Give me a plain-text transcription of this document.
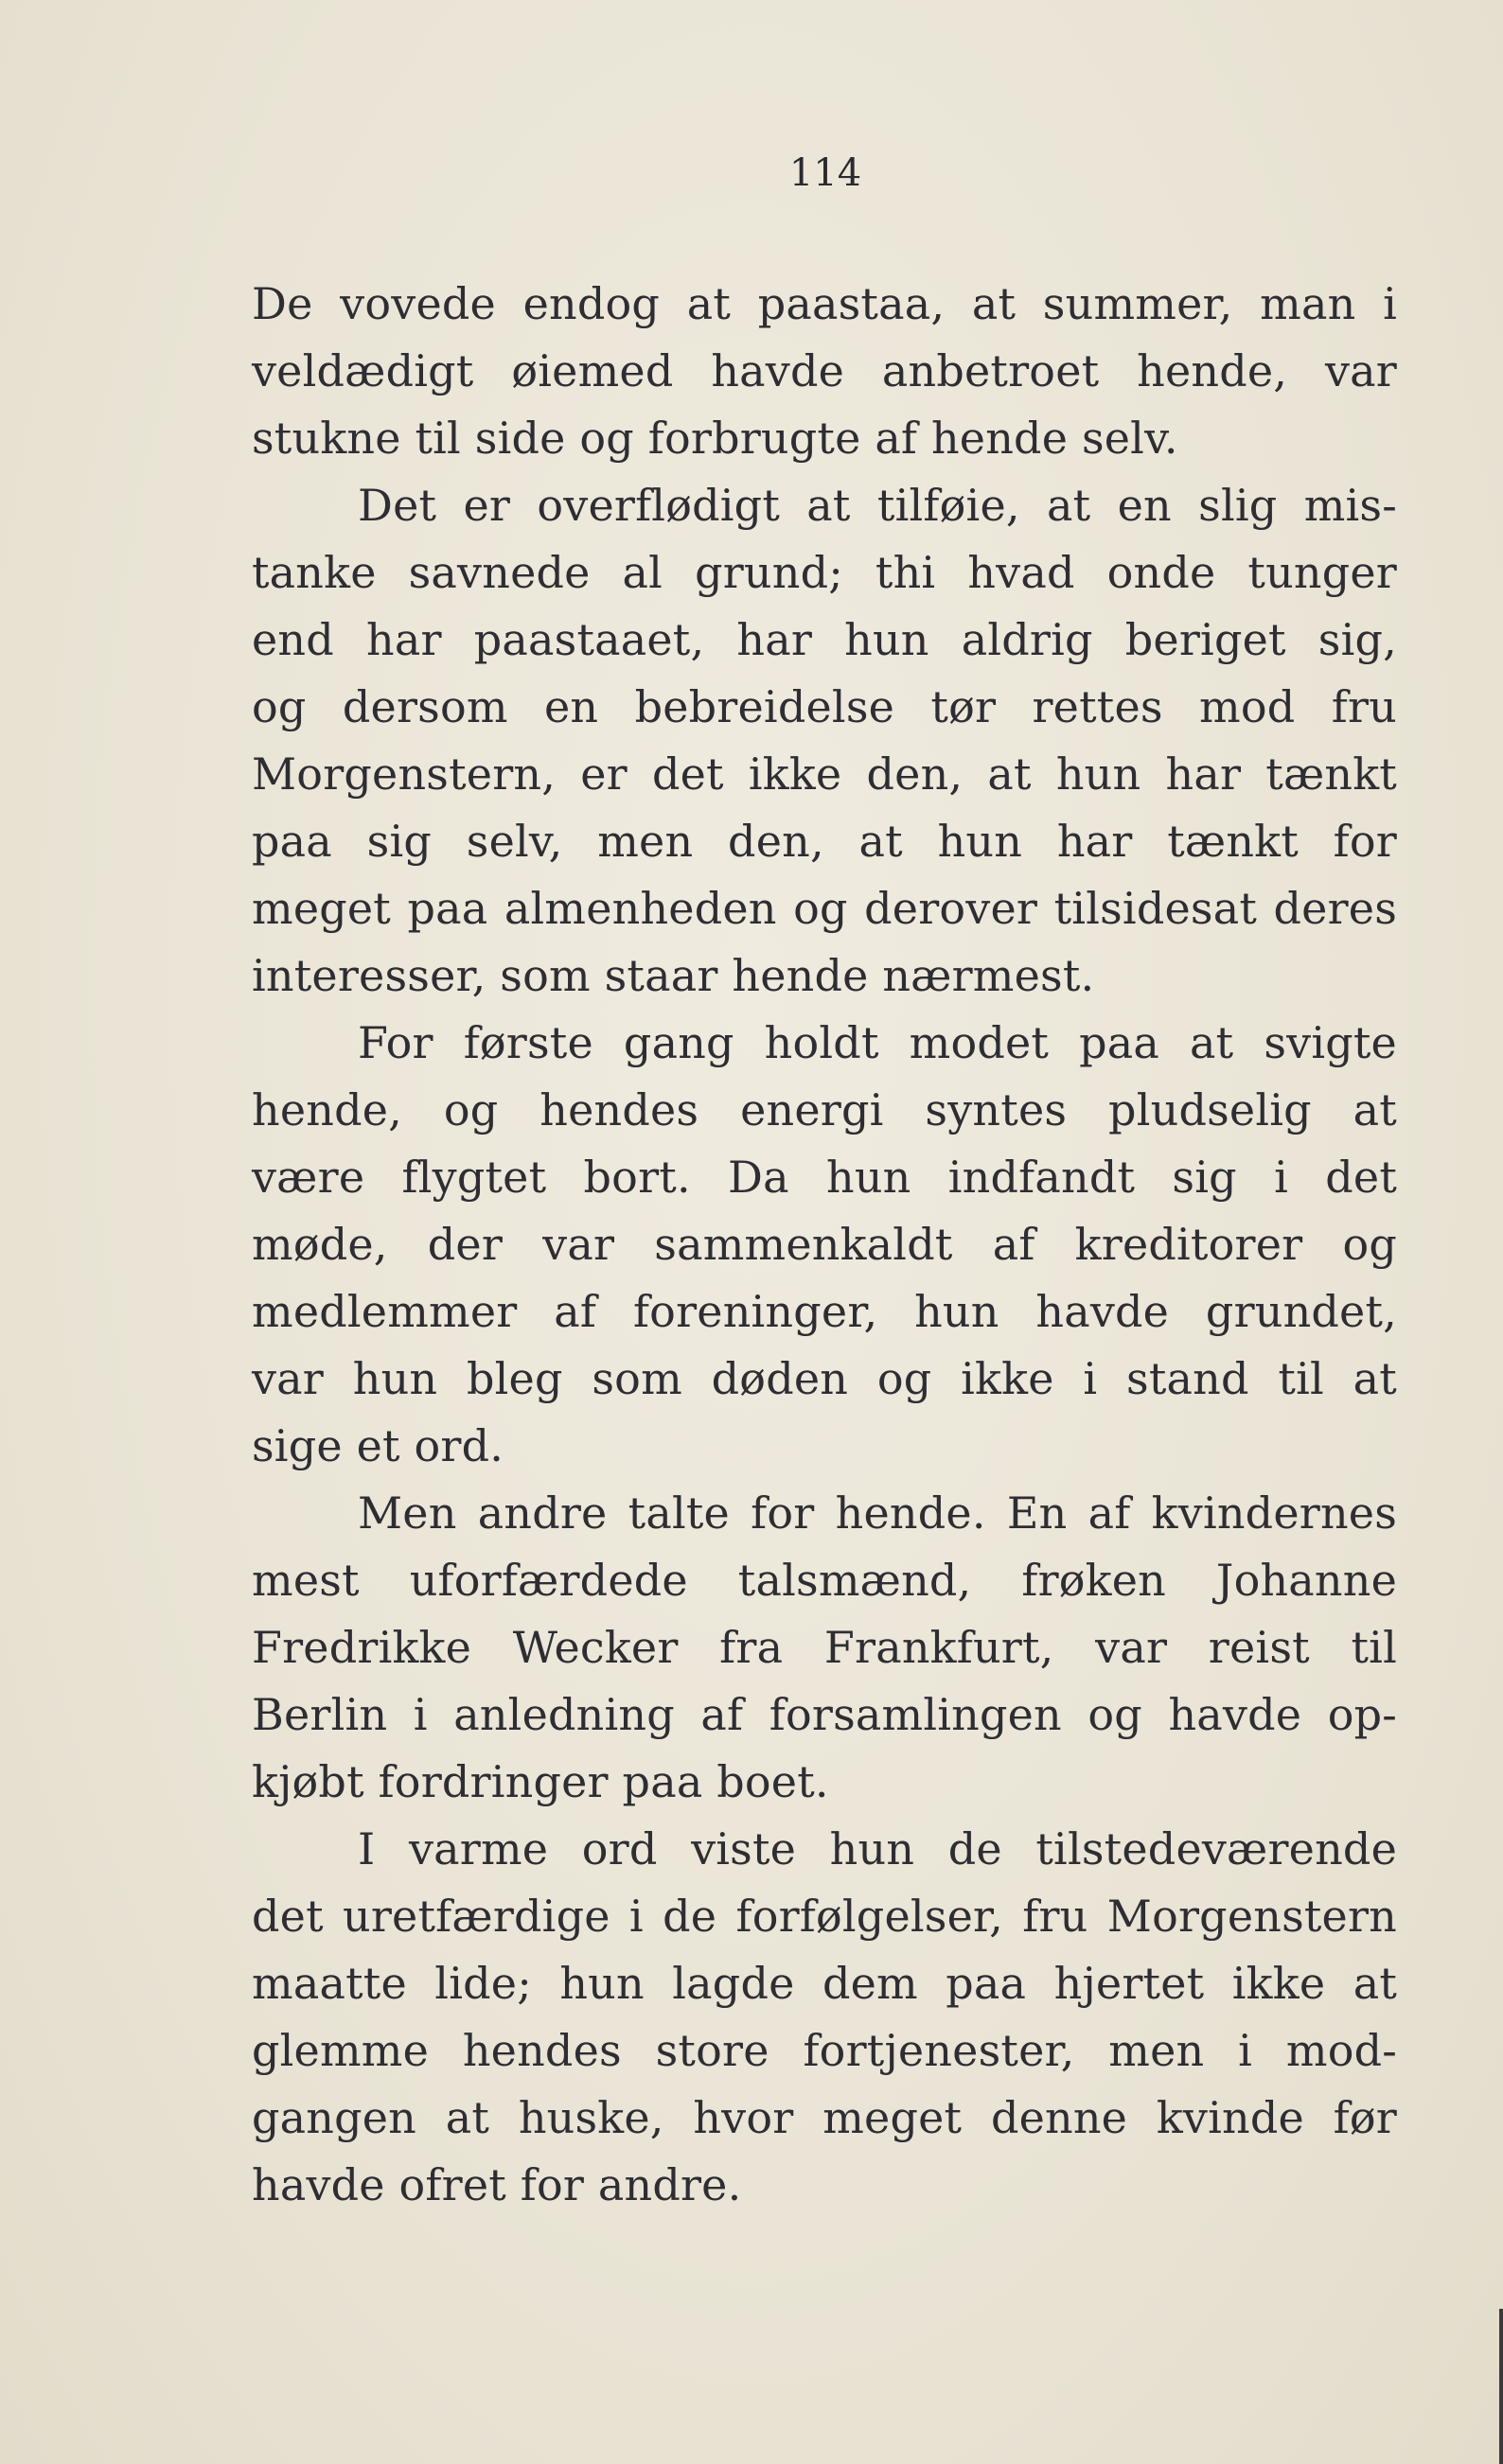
114

De vovede endog at paastaa, at summer, man i
veldædigt øiemed havde anbetroet hende, var
stukne til side og forbrugte af hende selv.
Det er overflødigt at tilføie, at en slig mis-
tanke savnede al grund; thi hvad onde tunger
end har paastaaet, har hun aldrig beriget sig,
og dersom en bebreidelse tør rettes mod fru
Morgenstern, er det ikke den, at hun har tænkt
paa sig selv, men den, at hun har tænkt for
meget paa almenheden og derover tilsidesat deres
interesser, som staar hende nærmest.
For første gang holdt modet paa at svigte
hende, og hendes energi syntes pludselig at
være flygtet bort. Da hun indfandt sig i det
møde, der var sammenkaldt af kreditorer og
medlemmer af foreninger, hun havde grundet,
var hun bleg som døden og ikke i stand til at
sige et ord.
Men andre talte for hende. En af kvindernes
mest uforfærdede talsmænd, frøken Johanne
Fredrikke Wecker fra Frankfurt, var reist til
Berlin i anledning af forsamlingen og havde op-
kjøbt fordringer paa boet.
I varme ord viste hun de tilstedeværende
det uretfærdige i de forfølgelser, fru Morgenstern
maatte lide; hun lagde dem paa hjertet ikke at
glemme hendes store fortjenester, men i mod-
gangen at huske, hvor meget denne kvinde før
havde ofret for andre.
